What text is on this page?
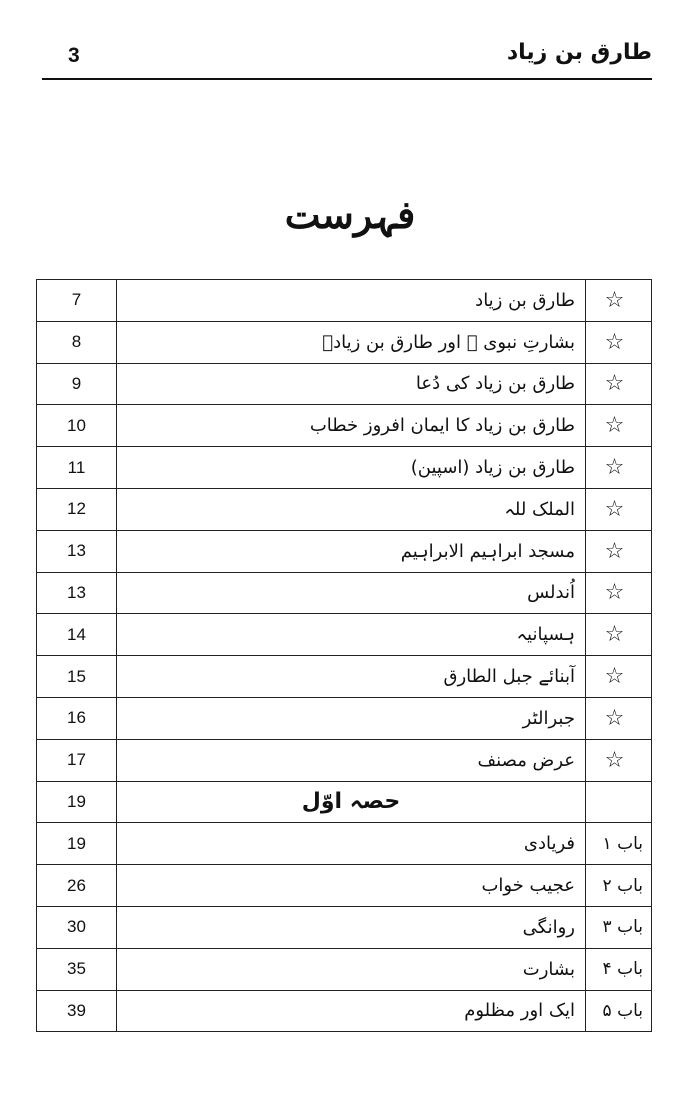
3	طارق بن زیاد
فہرست
☆	طارق بن زیاد	7

☆	بشارتِ نبوی ﷺ اور طارق بن زیادؒ	8

☆	طارق بن زیاد کی دُعا	9

☆	طارق بن زیاد کا ایمان افروز خطاب	10

☆	طارق بن زیاد (اسپین)	11

☆	الملک للہ	12

☆	مسجد ابراہیم الابراہیم	13

☆	اُندلس	13

☆	ہسپانیہ	14

☆	آبنائے جبل الطارق	15

☆	جبرالٹر	16

☆	عرض مصنف	17
	حصہ اوّل	19
باب ۱	فریادی	19
باب ۲	عجیب خواب	26
باب ۳	روانگی	30
باب ۴	بشارت	35
باب ۵	ایک اور مظلوم	39
